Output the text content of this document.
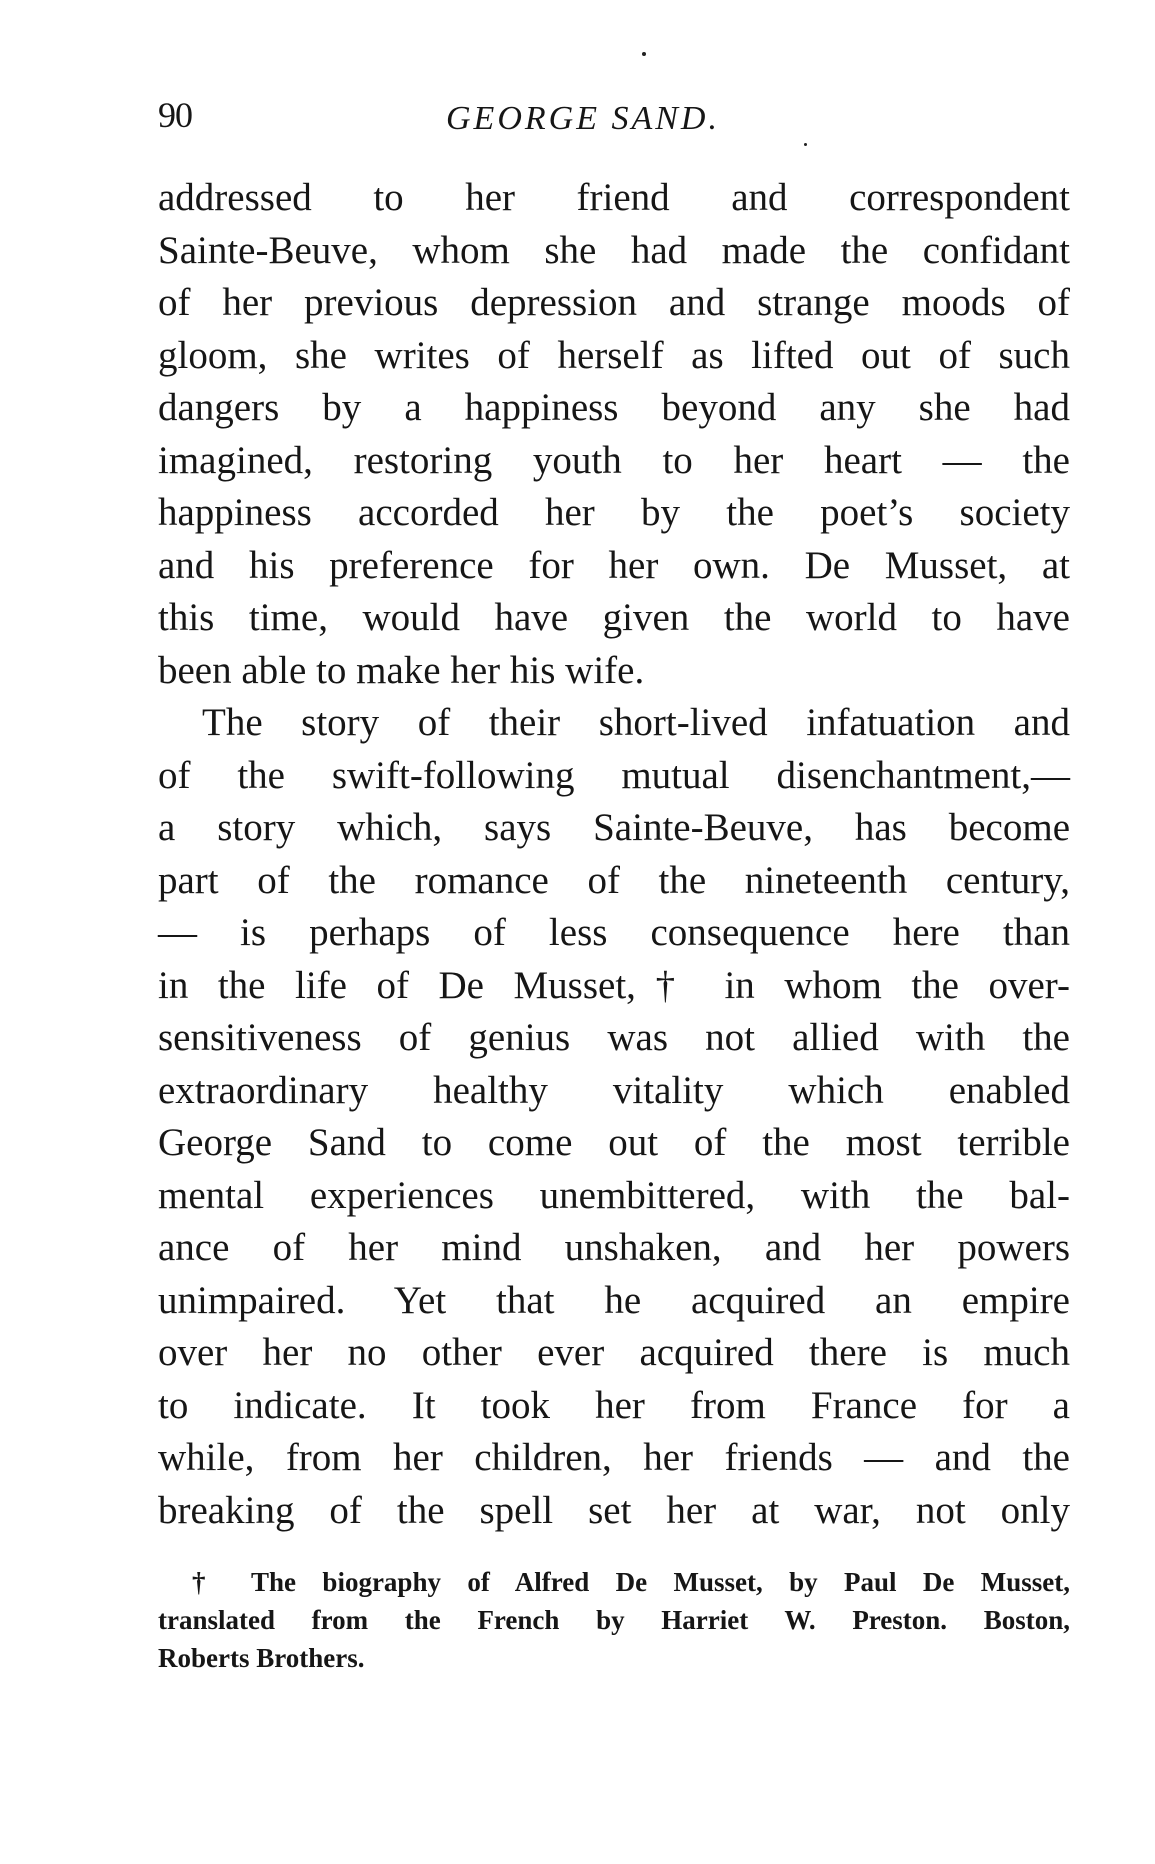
90	GEORGE SAND.
addressed to her friend and correspondent
Sainte-Beuve, whom she had made the confidant
of her previous depression and strange moods of
gloom, she writes of herself as lifted out of such
dangers by a happiness beyond any she had
imagined, restoring youth to her heart — the
happiness accorded her by the poet’s society
and his preference for her own. De Musset, at
this time, would have given the world to have
been able to make her his wife.
The story of their short-lived infatuation and
of the swift-following mutual disenchantment,—
a story which, says Sainte-Beuve, has become
part of the romance of the nineteenth century,
— is perhaps of less consequence here than
in the life of De Musset,† in whom the over-
sensitiveness of genius was not allied with the
extraordinary healthy vitality which enabled
George Sand to come out of the most terrible
mental experiences unembittered, with the bal-
ance of her mind unshaken, and her powers
unimpaired. Yet that he acquired an empire
over her no other ever acquired there is much
to indicate. It took her from France for a
while, from her children, her friends — and the
breaking of the spell set her at war, not only
† The biography of Alfred De Musset, by Paul De Musset,
translated from the French by Harriet W. Preston. Boston,
Roberts Brothers.
